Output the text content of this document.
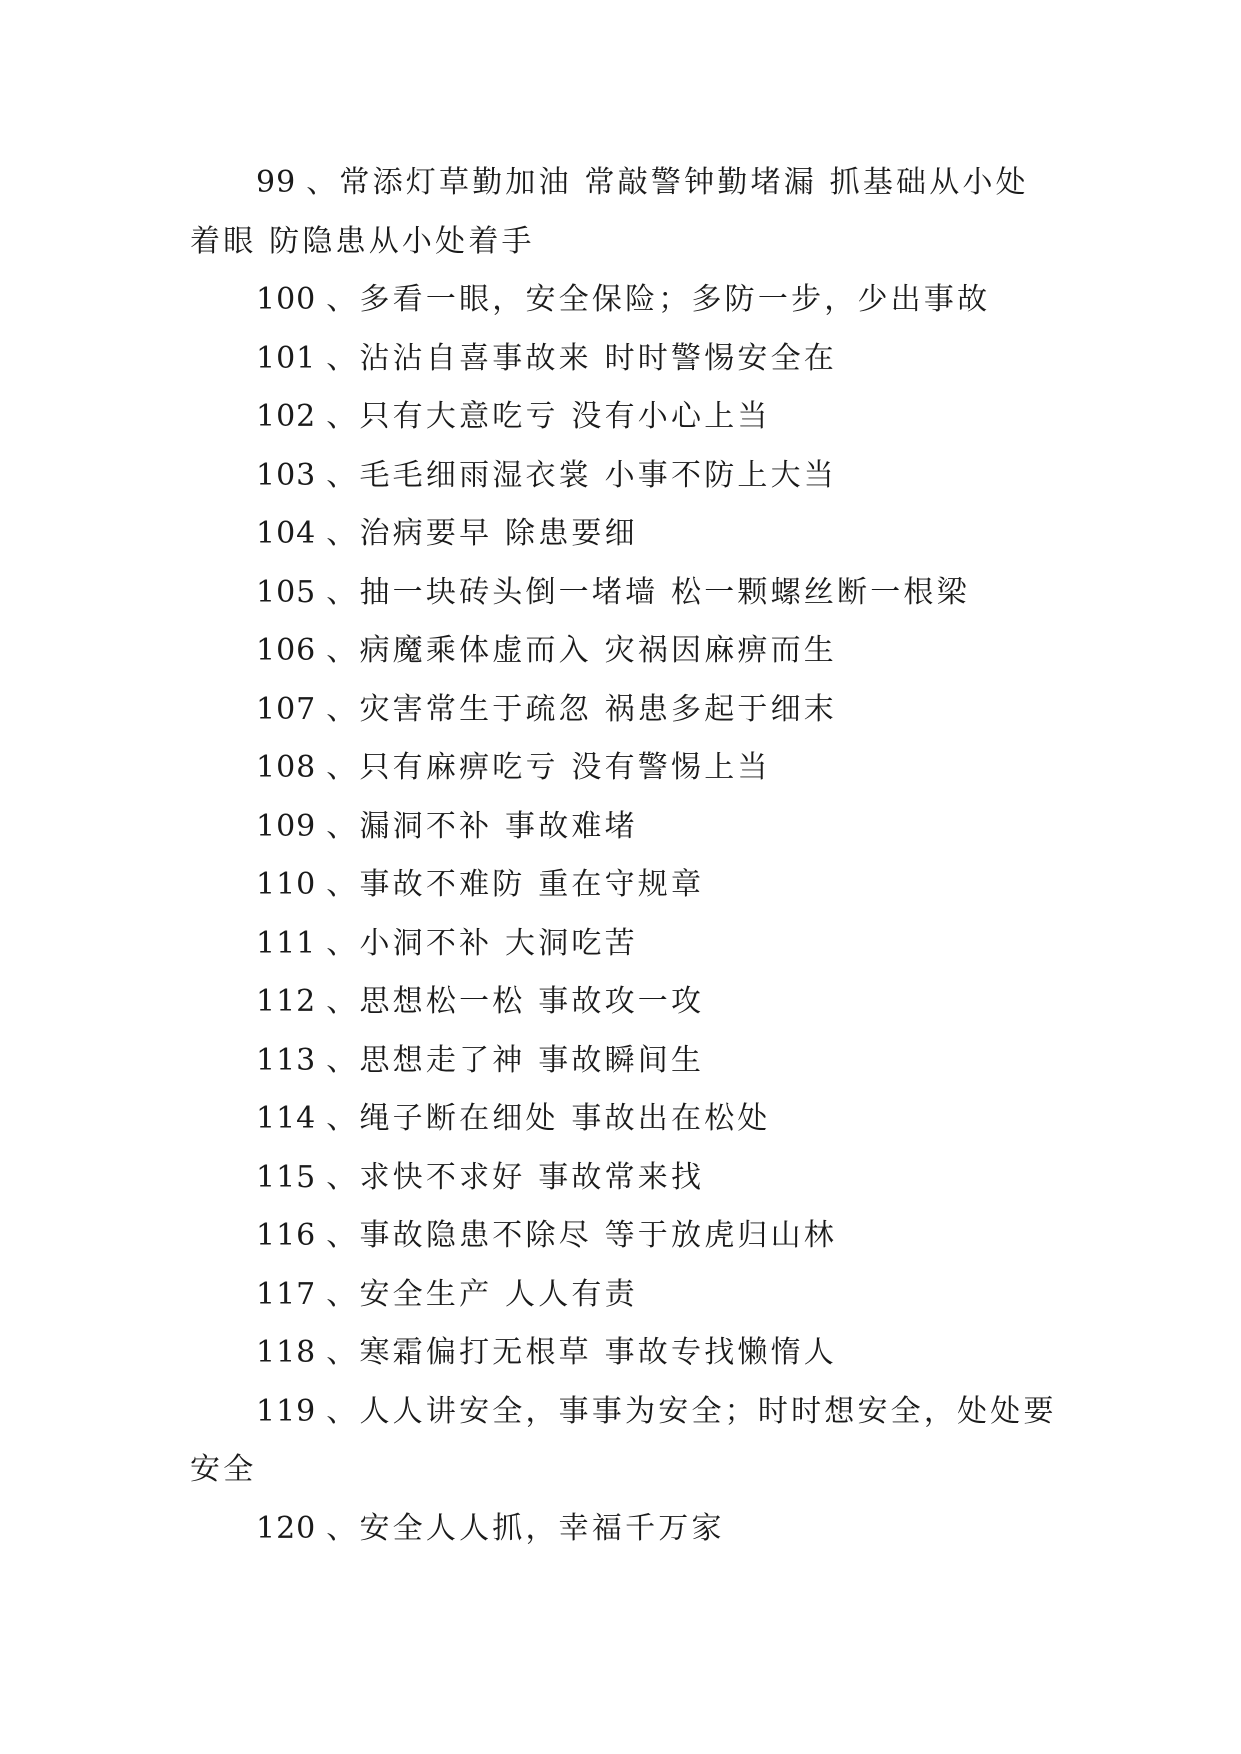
99 、常添灯草勤加油 常敲警钟勤堵漏 抓基础从小处着眼 防隐患从小处着手

100 、多看一眼，安全保险；多防一步，少出事故

101 、沾沾自喜事故来 时时警惕安全在

102 、只有大意吃亏 没有小心上当

103 、毛毛细雨湿衣裳 小事不防上大当

104 、治病要早 除患要细

105 、抽一块砖头倒一堵墙 松一颗螺丝断一根梁

106 、病魔乘体虚而入 灾祸因麻痹而生

107 、灾害常生于疏忽 祸患多起于细末

108 、只有麻痹吃亏 没有警惕上当

109 、漏洞不补 事故难堵

110 、事故不难防 重在守规章

111 、小洞不补 大洞吃苦

112 、思想松一松 事故攻一攻

113 、思想走了神 事故瞬间生

114 、绳子断在细处 事故出在松处

115 、求快不求好 事故常来找

116 、事故隐患不除尽 等于放虎归山林

117 、安全生产 人人有责

118 、寒霜偏打无根草 事故专找懒惰人

119 、人人讲安全，事事为安全；时时想安全，处处要安全

120 、安全人人抓，幸福千万家
